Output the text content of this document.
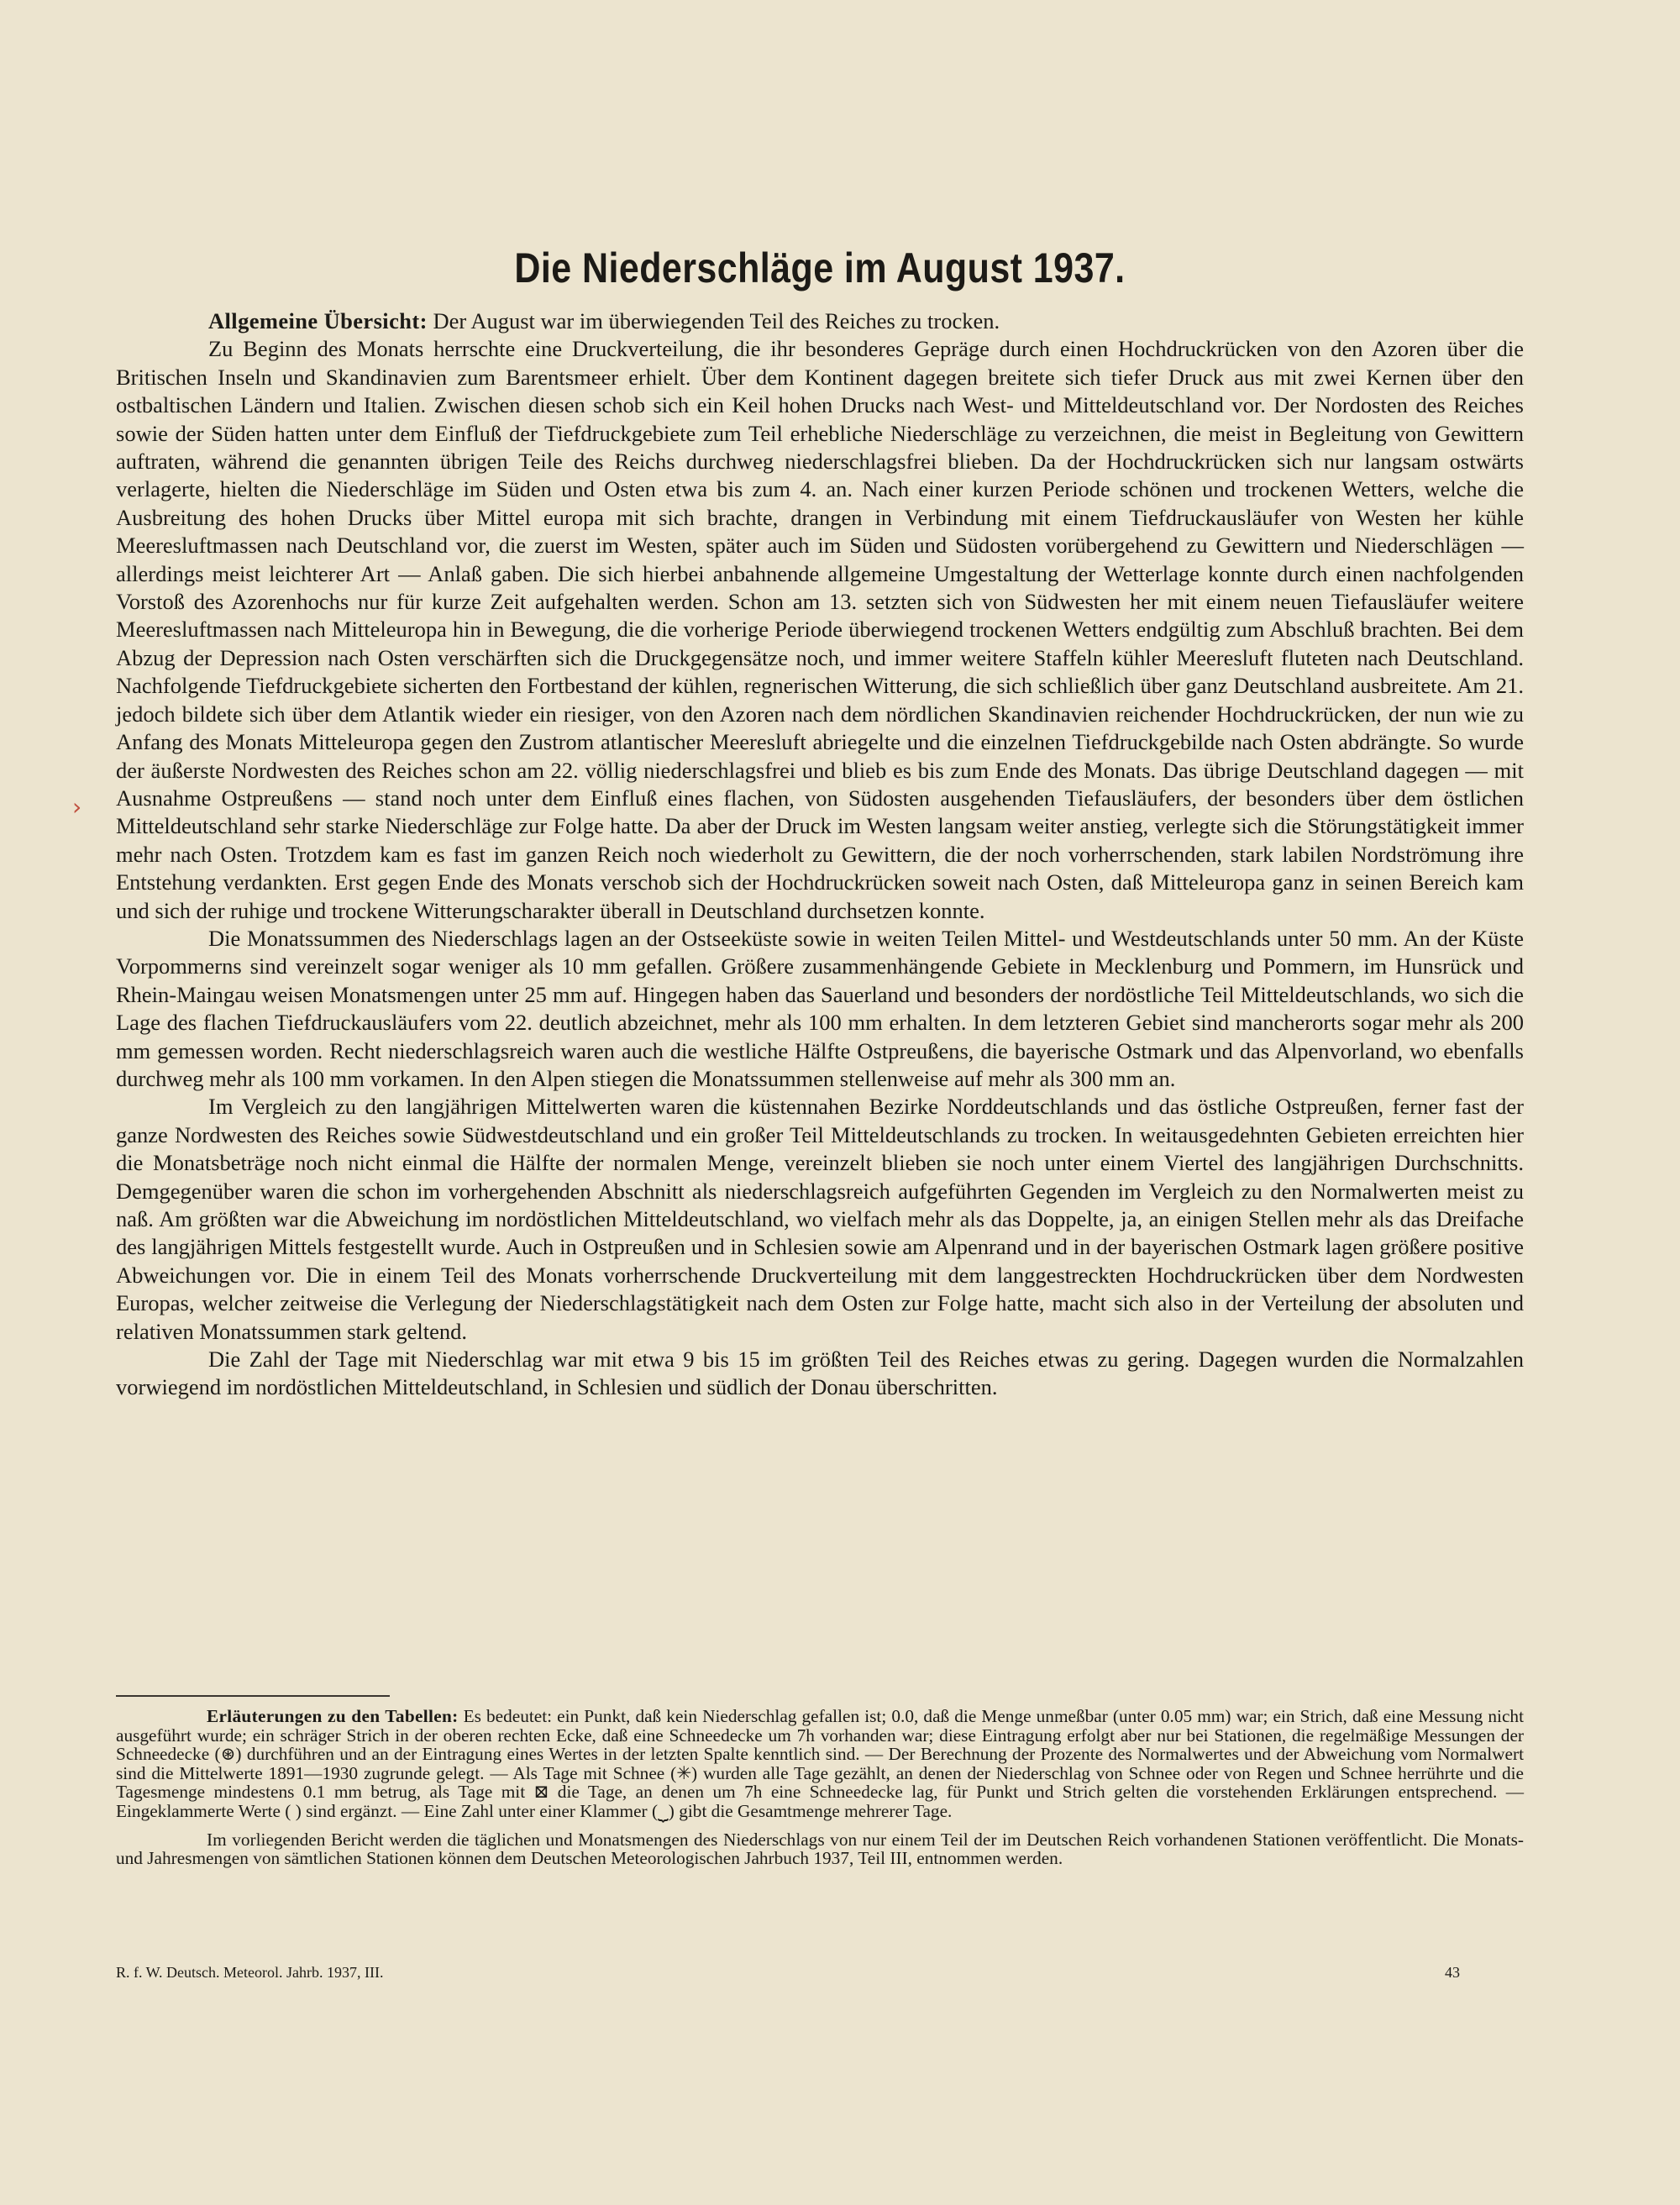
›
Die Niederschläge im August 1937.

Allgemeine Übersicht: Der August war im überwiegenden Teil des Reiches zu trocken.

Zu Beginn des Monats herrschte eine Druckverteilung, die ihr besonderes Gepräge durch einen Hochdruckrücken von den Azoren über die Britischen Inseln und Skandinavien zum Barentsmeer erhielt. Über dem Kontinent dagegen breitete sich tiefer Druck aus mit zwei Kernen über den ostbaltischen Ländern und Italien. Zwischen diesen schob sich ein Keil hohen Drucks nach West- und Mitteldeutschland vor. Der Nordosten des Reiches sowie der Süden hatten unter dem Einfluß der Tiefdruckgebiete zum Teil erhebliche Niederschläge zu verzeichnen, die meist in Begleitung von Gewittern auftraten, während die genannten übrigen Teile des Reichs durchweg niederschlagsfrei blieben. Da der Hochdruckrücken sich nur langsam ostwärts verlagerte, hielten die Niederschläge im Süden und Osten etwa bis zum 4. an. Nach einer kurzen Periode schönen und trockenen Wetters, welche die Ausbreitung des hohen Drucks über Mittel europa mit sich brachte, drangen in Verbindung mit einem Tiefdruckausläufer von Westen her kühle Meeresluftmassen nach Deutschland vor, die zuerst im Westen, später auch im Süden und Südosten vorübergehend zu Gewittern und Niederschlägen — allerdings meist leichterer Art — Anlaß gaben. Die sich hierbei anbahnende allgemeine Umgestaltung der Wetterlage konnte durch einen nachfolgenden Vorstoß des Azorenhochs nur für kurze Zeit aufgehalten werden. Schon am 13. setzten sich von Südwesten her mit einem neuen Tiefausläufer weitere Meeresluftmassen nach Mitteleuropa hin in Bewegung, die die vorherige Periode überwiegend trockenen Wetters endgültig zum Abschluß brachten. Bei dem Abzug der Depression nach Osten verschärften sich die Druckgegensätze noch, und immer weitere Staffeln kühler Meeresluft fluteten nach Deutschland. Nachfolgende Tiefdruckgebiete sicherten den Fortbestand der kühlen, regnerischen Witterung, die sich schließlich über ganz Deutschland ausbreitete. Am 21. jedoch bildete sich über dem Atlantik wieder ein riesiger, von den Azoren nach dem nördlichen Skandinavien reichender Hochdruckrücken, der nun wie zu Anfang des Monats Mitteleuropa gegen den Zustrom atlantischer Meeresluft abriegelte und die einzelnen Tiefdruckgebilde nach Osten abdrängte. So wurde der äußerste Nordwesten des Reiches schon am 22. völlig niederschlagsfrei und blieb es bis zum Ende des Monats. Das übrige Deutschland dagegen — mit Ausnahme Ostpreußens — stand noch unter dem Einfluß eines flachen, von Südosten ausgehenden Tiefausläufers, der besonders über dem östlichen Mitteldeutschland sehr starke Niederschläge zur Folge hatte. Da aber der Druck im Westen langsam weiter anstieg, verlegte sich die Störungstätigkeit immer mehr nach Osten. Trotzdem kam es fast im ganzen Reich noch wiederholt zu Gewittern, die der noch vorherrschenden, stark labilen Nordströmung ihre Entstehung verdankten. Erst gegen Ende des Monats verschob sich der Hochdruckrücken soweit nach Osten, daß Mitteleuropa ganz in seinen Bereich kam und sich der ruhige und trockene Witterungscharakter überall in Deutschland durchsetzen konnte.

Die Monatssummen des Niederschlags lagen an der Ostseeküste sowie in weiten Teilen Mittel- und Westdeutschlands unter 50 mm. An der Küste Vorpommerns sind vereinzelt sogar weniger als 10 mm gefallen. Größere zusammenhängende Gebiete in Mecklenburg und Pommern, im Hunsrück und Rhein-Maingau weisen Monatsmengen unter 25 mm auf. Hingegen haben das Sauerland und besonders der nordöstliche Teil Mitteldeutschlands, wo sich die Lage des flachen Tiefdruckausläufers vom 22. deutlich abzeichnet, mehr als 100 mm erhalten. In dem letzteren Gebiet sind mancherorts sogar mehr als 200 mm gemessen worden. Recht niederschlagsreich waren auch die westliche Hälfte Ostpreußens, die bayerische Ostmark und das Alpenvorland, wo ebenfalls durchweg mehr als 100 mm vorkamen. In den Alpen stiegen die Monatssummen stellenweise auf mehr als 300 mm an.

Im Vergleich zu den langjährigen Mittelwerten waren die küstennahen Bezirke Norddeutschlands und das östliche Ostpreußen, ferner fast der ganze Nordwesten des Reiches sowie Südwestdeutschland und ein großer Teil Mitteldeutschlands zu trocken. In weitausgedehnten Gebieten erreichten hier die Monatsbeträge noch nicht einmal die Hälfte der normalen Menge, vereinzelt blieben sie noch unter einem Viertel des langjährigen Durchschnitts. Demgegenüber waren die schon im vorhergehenden Abschnitt als niederschlagsreich aufgeführten Gegenden im Vergleich zu den Normalwerten meist zu naß. Am größten war die Abweichung im nordöstlichen Mitteldeutschland, wo vielfach mehr als das Doppelte, ja, an einigen Stellen mehr als das Dreifache des langjährigen Mittels festgestellt wurde. Auch in Ostpreußen und in Schlesien sowie am Alpenrand und in der bayerischen Ostmark lagen größere positive Abweichungen vor. Die in einem Teil des Monats vorherrschende Druckverteilung mit dem langgestreckten Hochdruckrücken über dem Nordwesten Europas, welcher zeitweise die Verlegung der Niederschlagstätigkeit nach dem Osten zur Folge hatte, macht sich also in der Verteilung der absoluten und relativen Monatssummen stark geltend.

Die Zahl der Tage mit Niederschlag war mit etwa 9 bis 15 im größten Teil des Reiches etwas zu gering. Dagegen wurden die Normalzahlen vorwiegend im nordöstlichen Mitteldeutschland, in Schlesien und südlich der Donau überschritten.

Erläuterungen zu den Tabellen: Es bedeutet: ein Punkt, daß kein Niederschlag gefallen ist; 0.0, daß die Menge unmeßbar (unter 0.05 mm) war; ein Strich, daß eine Messung nicht ausgeführt wurde; ein schräger Strich in der oberen rechten Ecke, daß eine Schneedecke um 7h vorhanden war; diese Eintragung erfolgt aber nur bei Stationen, die regelmäßige Messungen der Schneedecke (⊛) durchführen und an der Eintragung eines Wertes in der letzten Spalte kenntlich sind. — Der Berechnung der Prozente des Normalwertes und der Abweichung vom Normalwert sind die Mittelwerte 1891—1930 zugrunde gelegt. — Als Tage mit Schnee (✳) wurden alle Tage gezählt, an denen der Niederschlag von Schnee oder von Regen und Schnee herrührte und die Tagesmenge mindestens 0.1 mm betrug, als Tage mit ⊠ die Tage, an denen um 7h eine Schneedecke lag, für Punkt und Strich gelten die vorstehenden Erklärungen entsprechend. — Eingeklammerte Werte ( ) sind ergänzt. — Eine Zahl unter einer Klammer (⏟) gibt die Gesamtmenge mehrerer Tage.

Im vorliegenden Bericht werden die täglichen und Monatsmengen des Niederschlags von nur einem Teil der im Deutschen Reich vorhandenen Stationen veröffentlicht. Die Monats- und Jahresmengen von sämtlichen Stationen können dem Deutschen Meteorologischen Jahrbuch 1937, Teil III, entnommen werden.

R. f. W. Deutsch. Meteorol. Jahrb. 1937, III.	43
